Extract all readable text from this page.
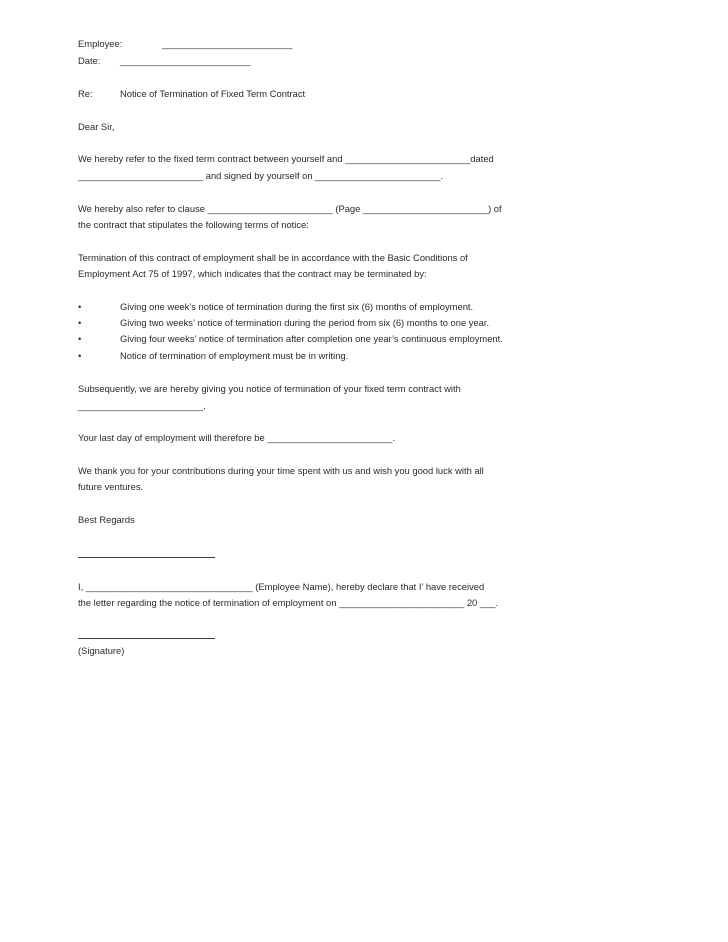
Employee:	_________________________
Date: _________________________
Re:	Notice of Termination of Fixed Term Contract
Dear Sir,
We hereby refer to the fixed term contract between yourself and ________________________dated
________________________ and signed by yourself on ________________________.
We hereby also refer to clause ________________________ (Page ________________________) of
the contract that stipulates the following terms of notice:
Termination of this contract of employment shall be in accordance with the Basic Conditions of
Employment Act 75 of 1997, which indicates that the contract may be terminated by:
•	Giving one week’s notice of termination during the first six (6) months of employment.
•	Giving two weeks’ notice of termination during the period from six (6) months to one year.
•	Giving four weeks’ notice of termination after completion one year’s continuous employment.
•	Notice of termination of employment must be in writing.
Subsequently, we are hereby giving you notice of termination of your fixed term contract with
________________________.
Your last day of employment will therefore be ________________________.
We thank you for your contributions during your time spent with us and wish you good luck with all
future ventures.
Best Regards
I, ________________________________ (Employee Name), hereby declare that I’ have received
the letter regarding the notice of termination of employment on ________________________ 20 ___.
(Signature)
